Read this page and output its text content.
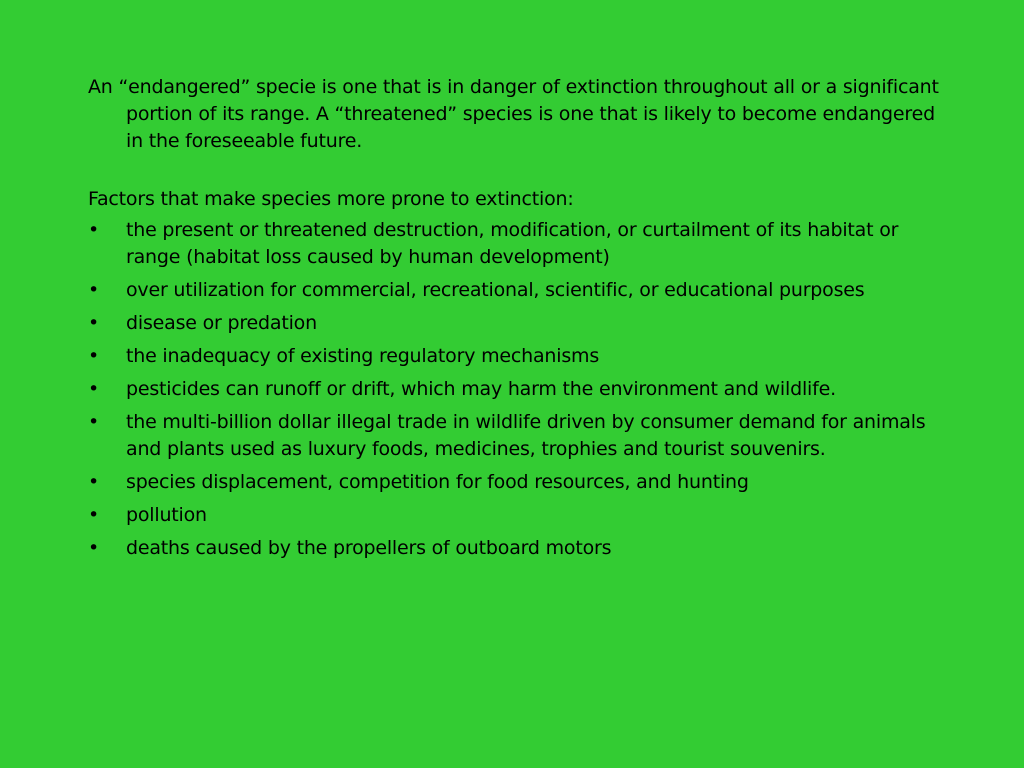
An “endangered” specie is one that is in danger of extinction throughout all or a significant portion of its range. A “threatened” species is one that is likely to become endangered in the foreseeable future.

Factors that make species more prone to extinction:

•	the present or threatened destruction, modification, or curtailment of its habitat or range (habitat loss caused by human development)
•	over utilization for commercial, recreational, scientific, or educational purposes
•	disease or predation
•	the inadequacy of existing regulatory mechanisms
•	pesticides can runoff or drift, which may harm the environment and wildlife.
•	the multi-billion dollar illegal trade in wildlife driven by consumer demand for animals and plants used as luxury foods, medicines, trophies and tourist souvenirs.
•	species displacement, competition for food resources, and hunting
•	pollution
•	deaths caused by the propellers of outboard motors
